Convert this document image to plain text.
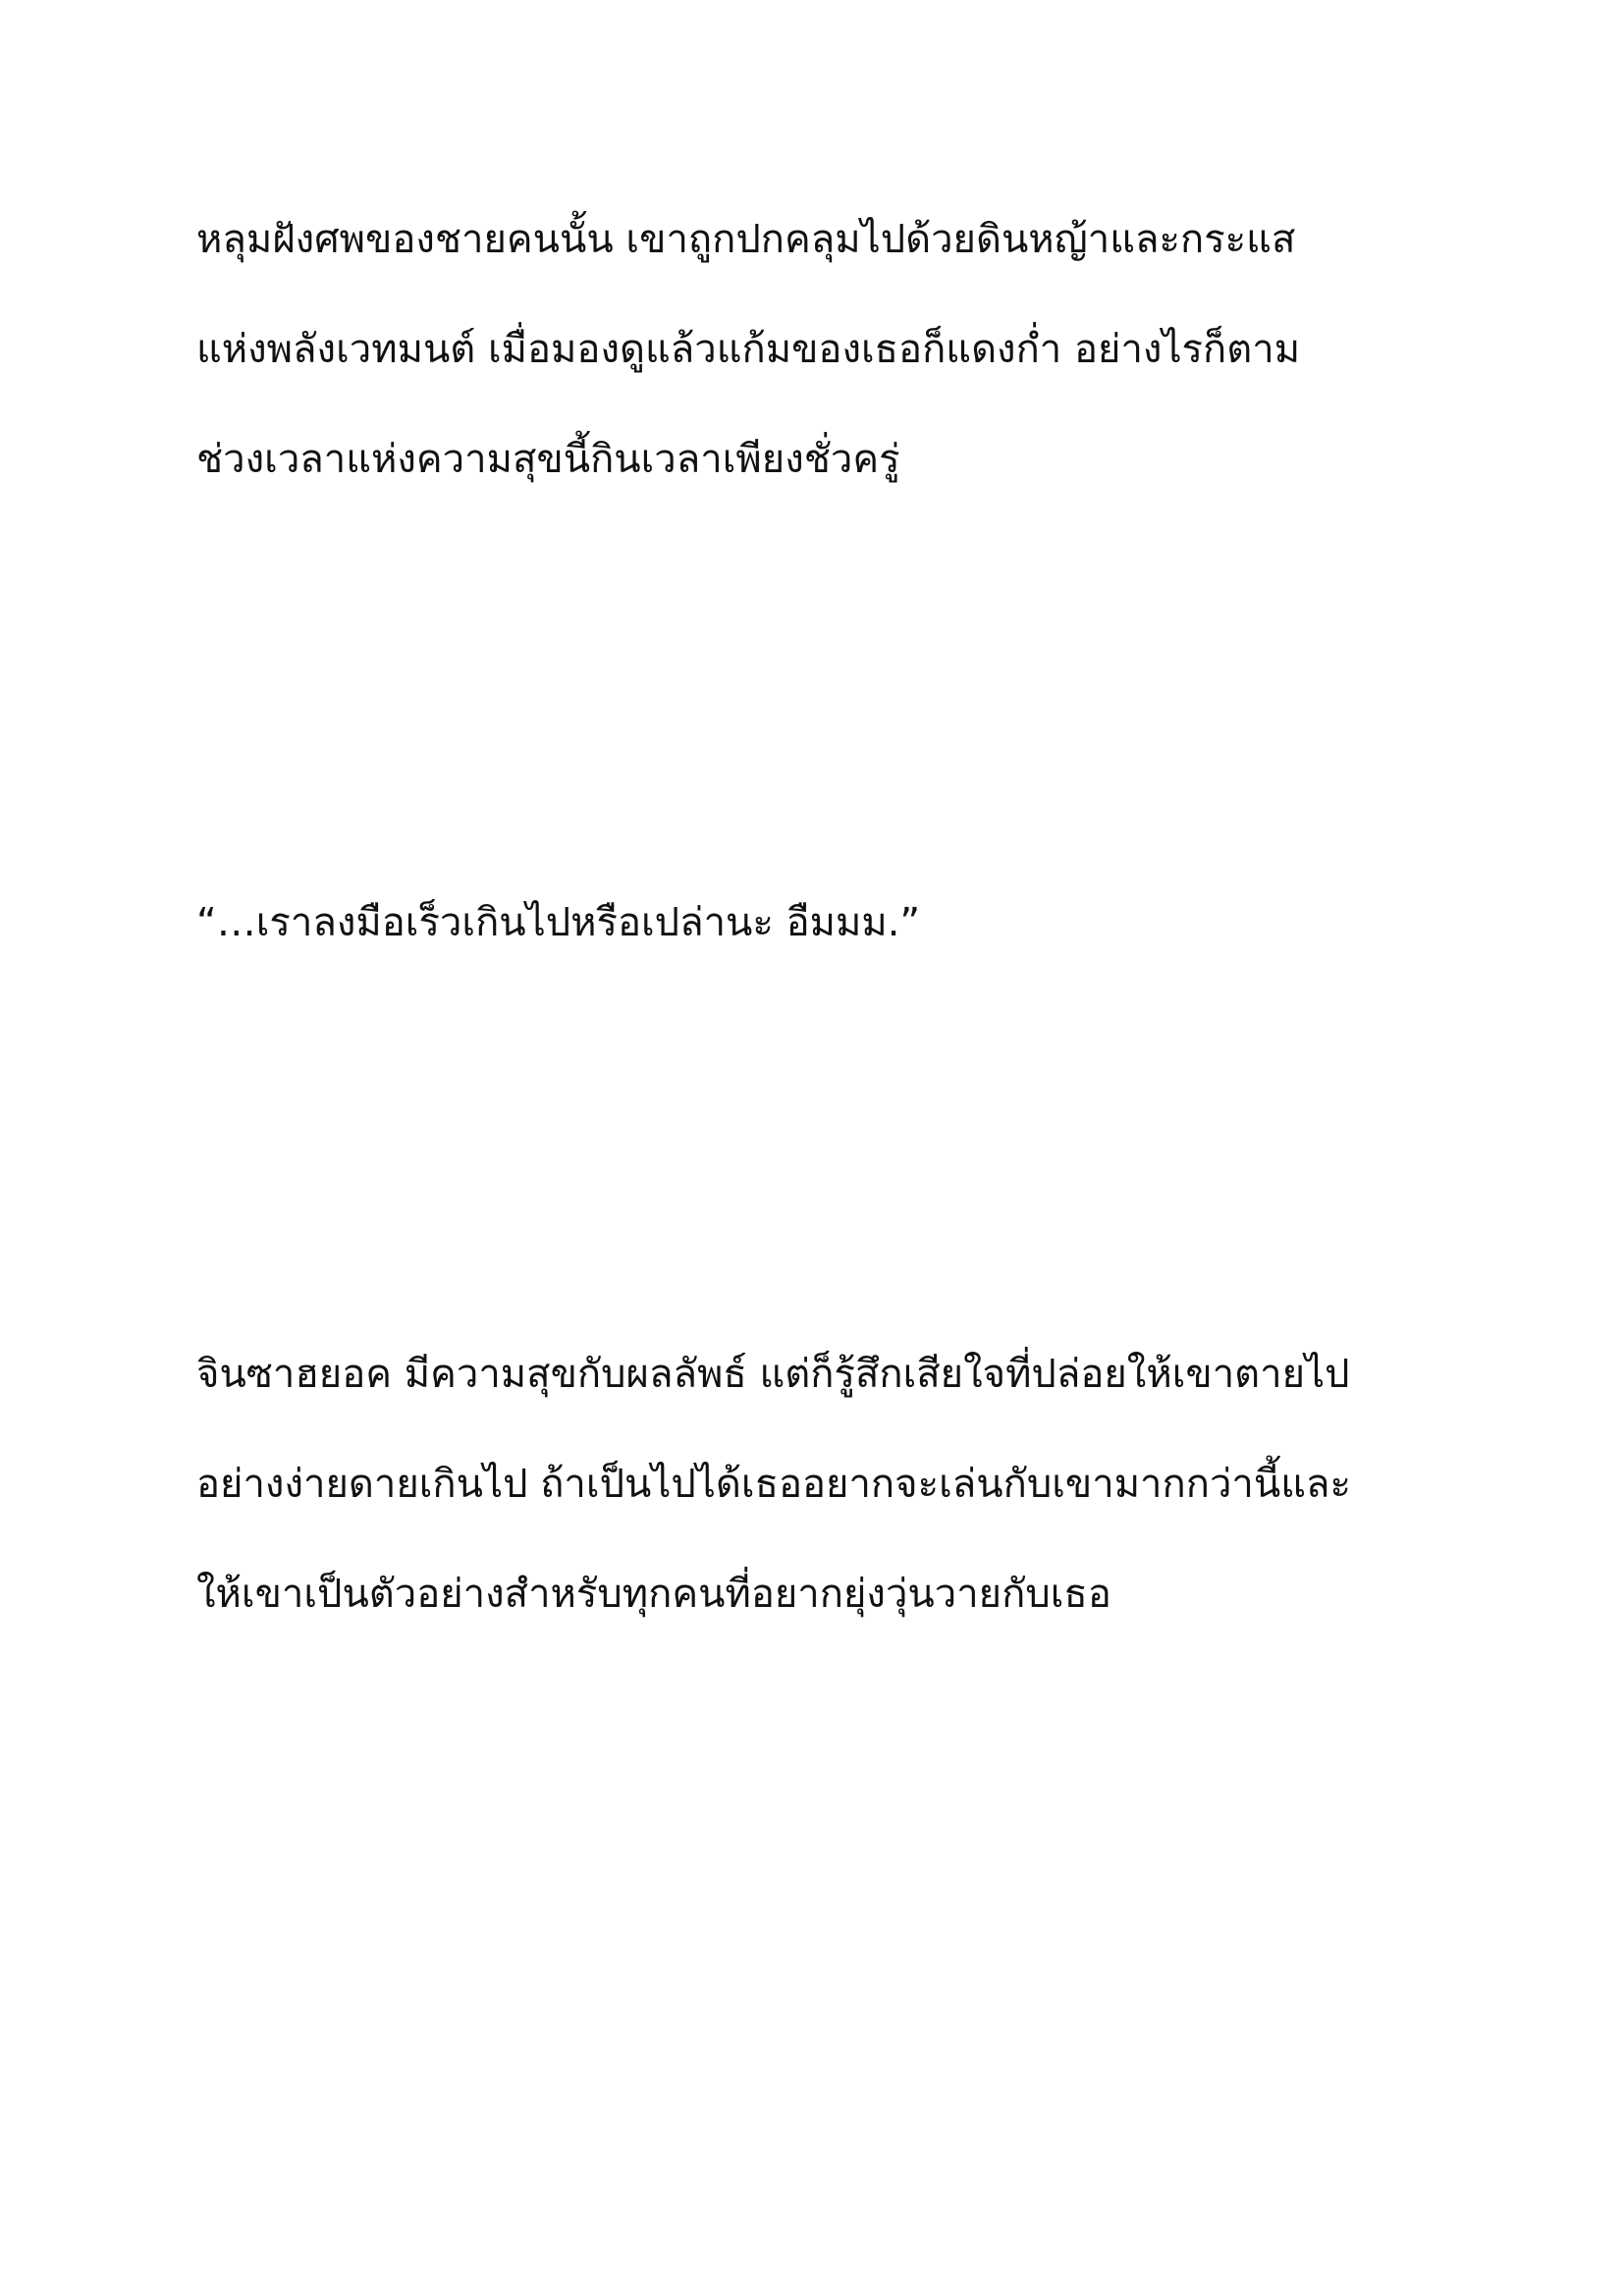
หลุมฝังศพของชายคนนั้น เขาถูกปกคลุมไปด้วยดินหญ้าและกระแส
แห่งพลังเวทมนต์ เมื่อมองดูแล้วแก้มของเธอก็แดงก่ำ อย่างไรก็ตาม
ช่วงเวลาแห่งความสุขนี้กินเวลาเพียงชั่วครู่

“…เราลงมือเร็วเกินไปหรือเปล่านะ อืมมม.”

จินซาฮยอค มีความสุขกับผลลัพธ์ แต่ก็รู้สึกเสียใจที่ปล่อยให้เขาตายไป
อย่างง่ายดายเกินไป ถ้าเป็นไปได้เธออยากจะเล่นกับเขามากกว่านี้และ
ให้เขาเป็นตัวอย่างสำหรับทุกคนที่อยากยุ่งวุ่นวายกับเธอ
